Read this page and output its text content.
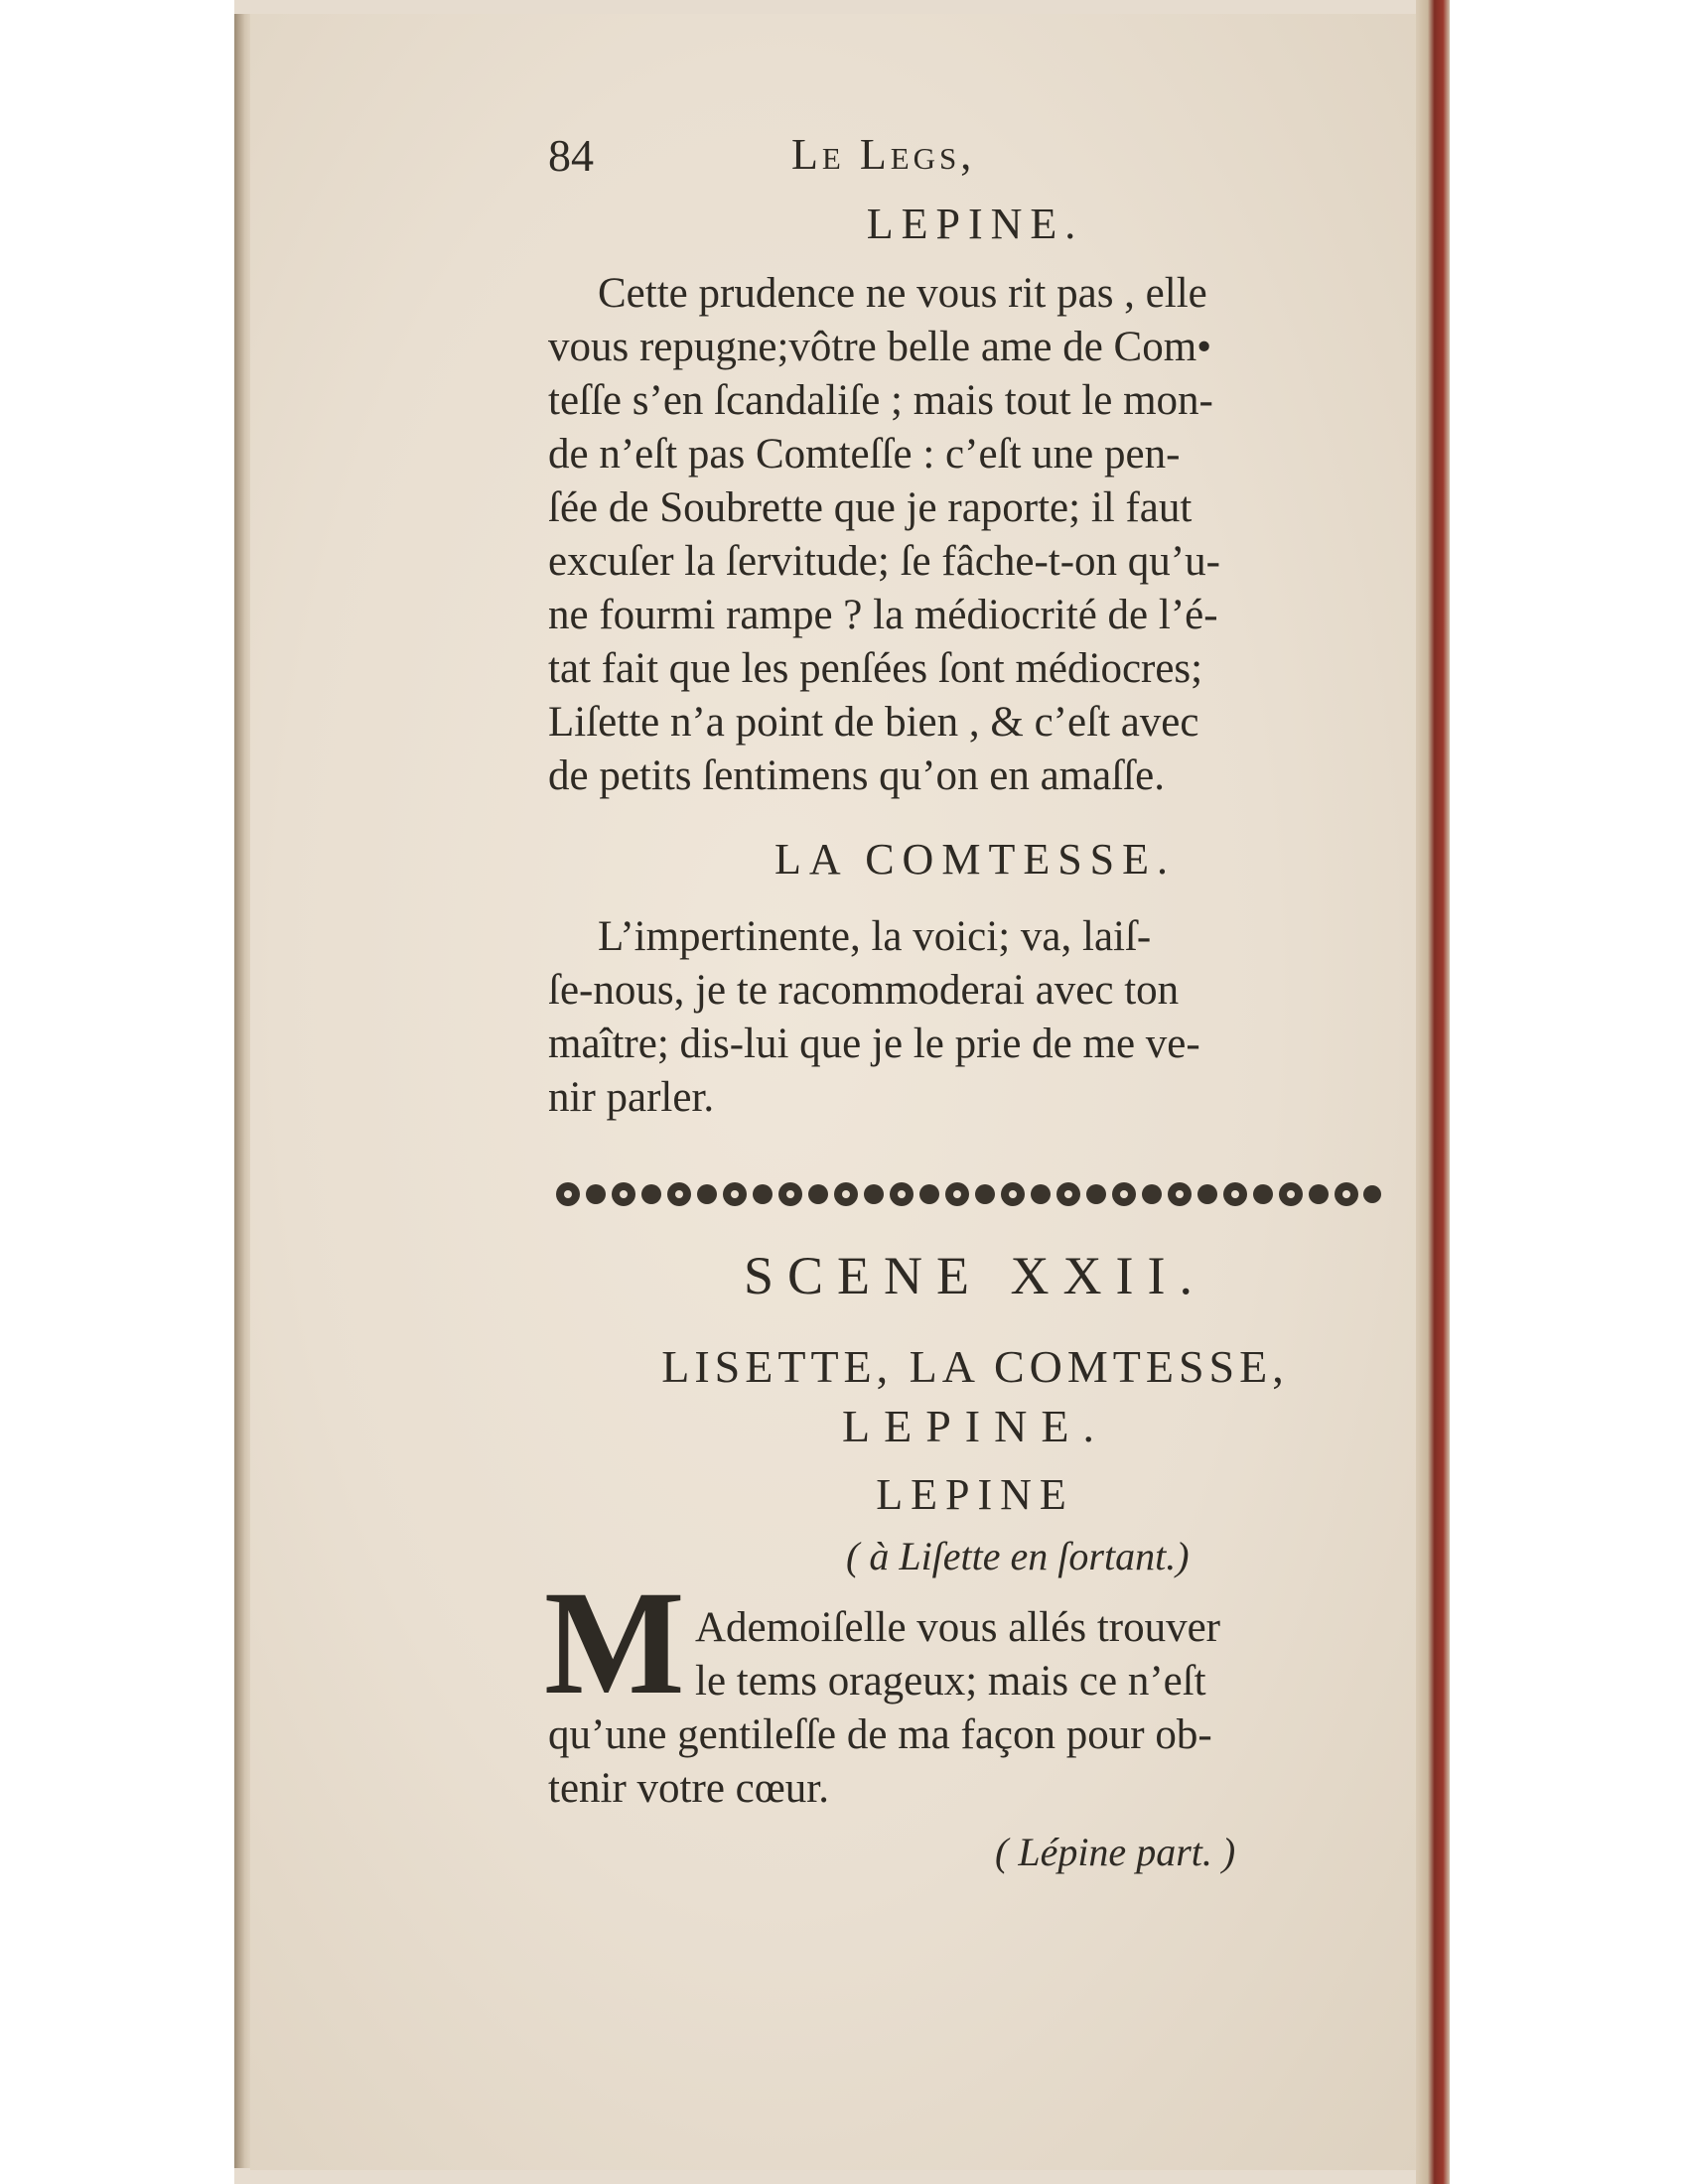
84	Le Legs,
LEPINE.
Cette prudence ne vous rit pas , elle
vous repugne;vôtre belle ame de Com•
teſſe s’en ſcandaliſe ; mais tout le mon-
de n’eſt pas Comteſſe : c’eſt une pen-
ſée de Soubrette que je raporte; il faut
excuſer la ſervitude; ſe fâche-t-on qu’u-
ne fourmi rampe ? la médiocrité de l’é-
tat fait que les penſées ſont médiocres;
Liſette n’a point de bien , & c’eſt avec
de petits ſentimens qu’on en amaſſe.
LA COMTESSE.
L’impertinente, la voici; va, laiſ-
ſe-nous, je te racommoderai avec ton
maître; dis-lui que je le prie de me ve-
nir parler.
SCENE XXII.
LISETTE, LA COMTESSE,
LEPINE.
LEPINE
( à Liſette en ſortant.)
M Ademoiſelle vous allés trouver
le tems orageux; mais ce n’eſt
qu’une gentileſſe de ma façon pour ob-
tenir votre cœur.
( Lépine part. )
